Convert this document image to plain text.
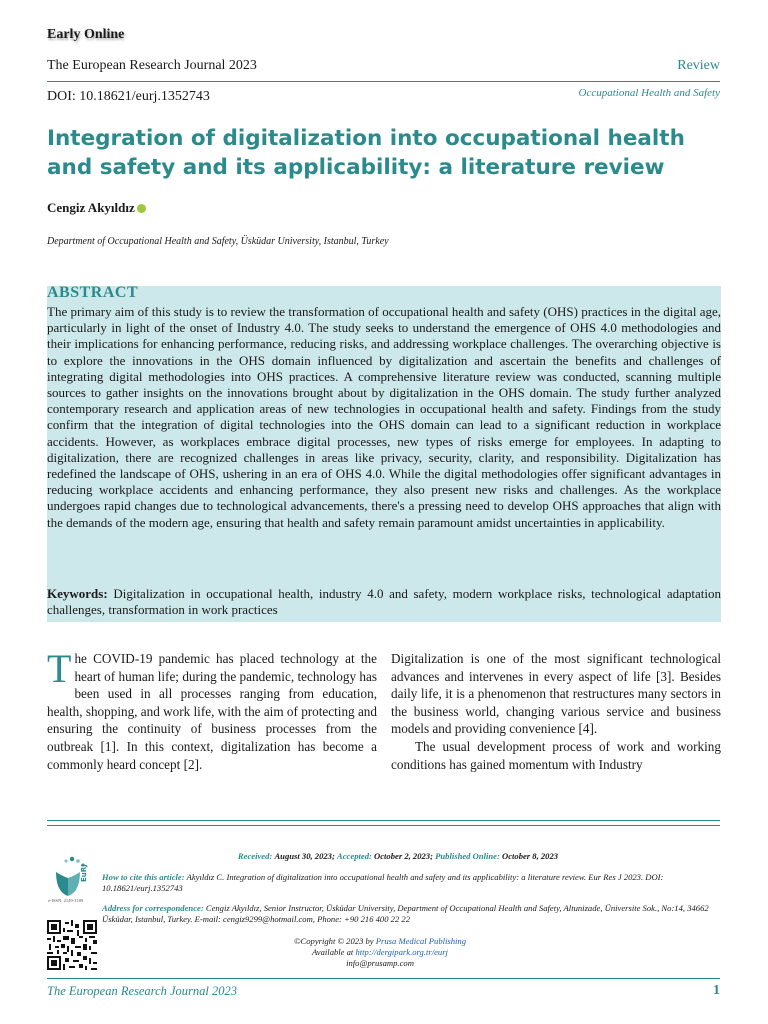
Early Online
The European Research Journal 2023	Review
DOI: 10.18621/eurj.1352743	Occupational Health and Safety
Integration of digitalization into occupational health and safety and its applicability: a literature review
Cengiz Akyıldız
Department of Occupational Health and Safety, Üsküdar University, Istanbul, Turkey
ABSTRACT
The primary aim of this study is to review the transformation of occupational health and safety (OHS) practices in the digital age, particularly in light of the onset of Industry 4.0. The study seeks to understand the emergence of OHS 4.0 methodologies and their implications for enhancing performance, reducing risks, and addressing workplace challenges. The overarching objective is to explore the innovations in the OHS domain influenced by digitalization and ascertain the benefits and challenges of integrating digital methodologies into OHS practices. A comprehensive literature review was conducted, scanning multiple sources to gather insights on the innovations brought about by digitalization in the OHS domain. The study further analyzed contemporary research and application areas of new technologies in occupational health and safety. Findings from the study confirm that the integration of digital technologies into the OHS domain can lead to a significant reduction in workplace accidents. However, as workplaces embrace digital processes, new types of risks emerge for employees. In adapting to digitalization, there are recognized challenges in areas like privacy, security, clarity, and responsibility. Digitalization has redefined the landscape of OHS, ushering in an era of OHS 4.0. While the digital methodologies offer significant advantages in reducing workplace accidents and enhancing performance, they also present new risks and challenges. As the workplace undergoes rapid changes due to technological advancements, there's a pressing need to develop OHS approaches that align with the demands of the modern age, ensuring that health and safety remain paramount amidst uncertainties in applicability.
Keywords: Digitalization in occupational health, industry 4.0 and safety, modern workplace risks, technological adaptation challenges, transformation in work practices
T he COVID-19 pandemic has placed technology at the heart of human life; during the pandemic, technology has been used in all processes ranging from education, health, shopping, and work life, with the aim of protecting and ensuring the continuity of business processes from the outbreak [1]. In this context, digitalization has become a commonly heard concept [2].

Digitalization is one of the most significant technological advances and intervenes in every aspect of life [3]. Besides daily life, it is a phenomenon that restructures many sectors in the business world, changing various service and business models and providing convenience [4].

The usual development process of work and working conditions has gained momentum with Industry

EuRJ
e-ISSN: 2149-3189
Received: August 30, 2023; Accepted: October 2, 2023; Published Online: October 8, 2023
How to cite this article: Akyıldız C. Integration of digitalization into occupational health and safety and its applicability: a literature review. Eur Res J 2023. DOI: 10.18621/eurj.1352743
Address for correspondence: Cengiz Akyıldız, Senior Instructor, Üsküdar University, Department of Occupational Health and Safety, Altunizade, Üniversite Sok., No:14, 34662 Üsküdar, Istanbul, Turkey. E-mail: cengiz9299@hotmail.com, Phone: +90 216 400 22 22
©Copyright © 2023 by Prusa Medical Publishing
Available at http://dergipark.org.tr/eurj
info@prusamp.com
The European Research Journal 2023	1
